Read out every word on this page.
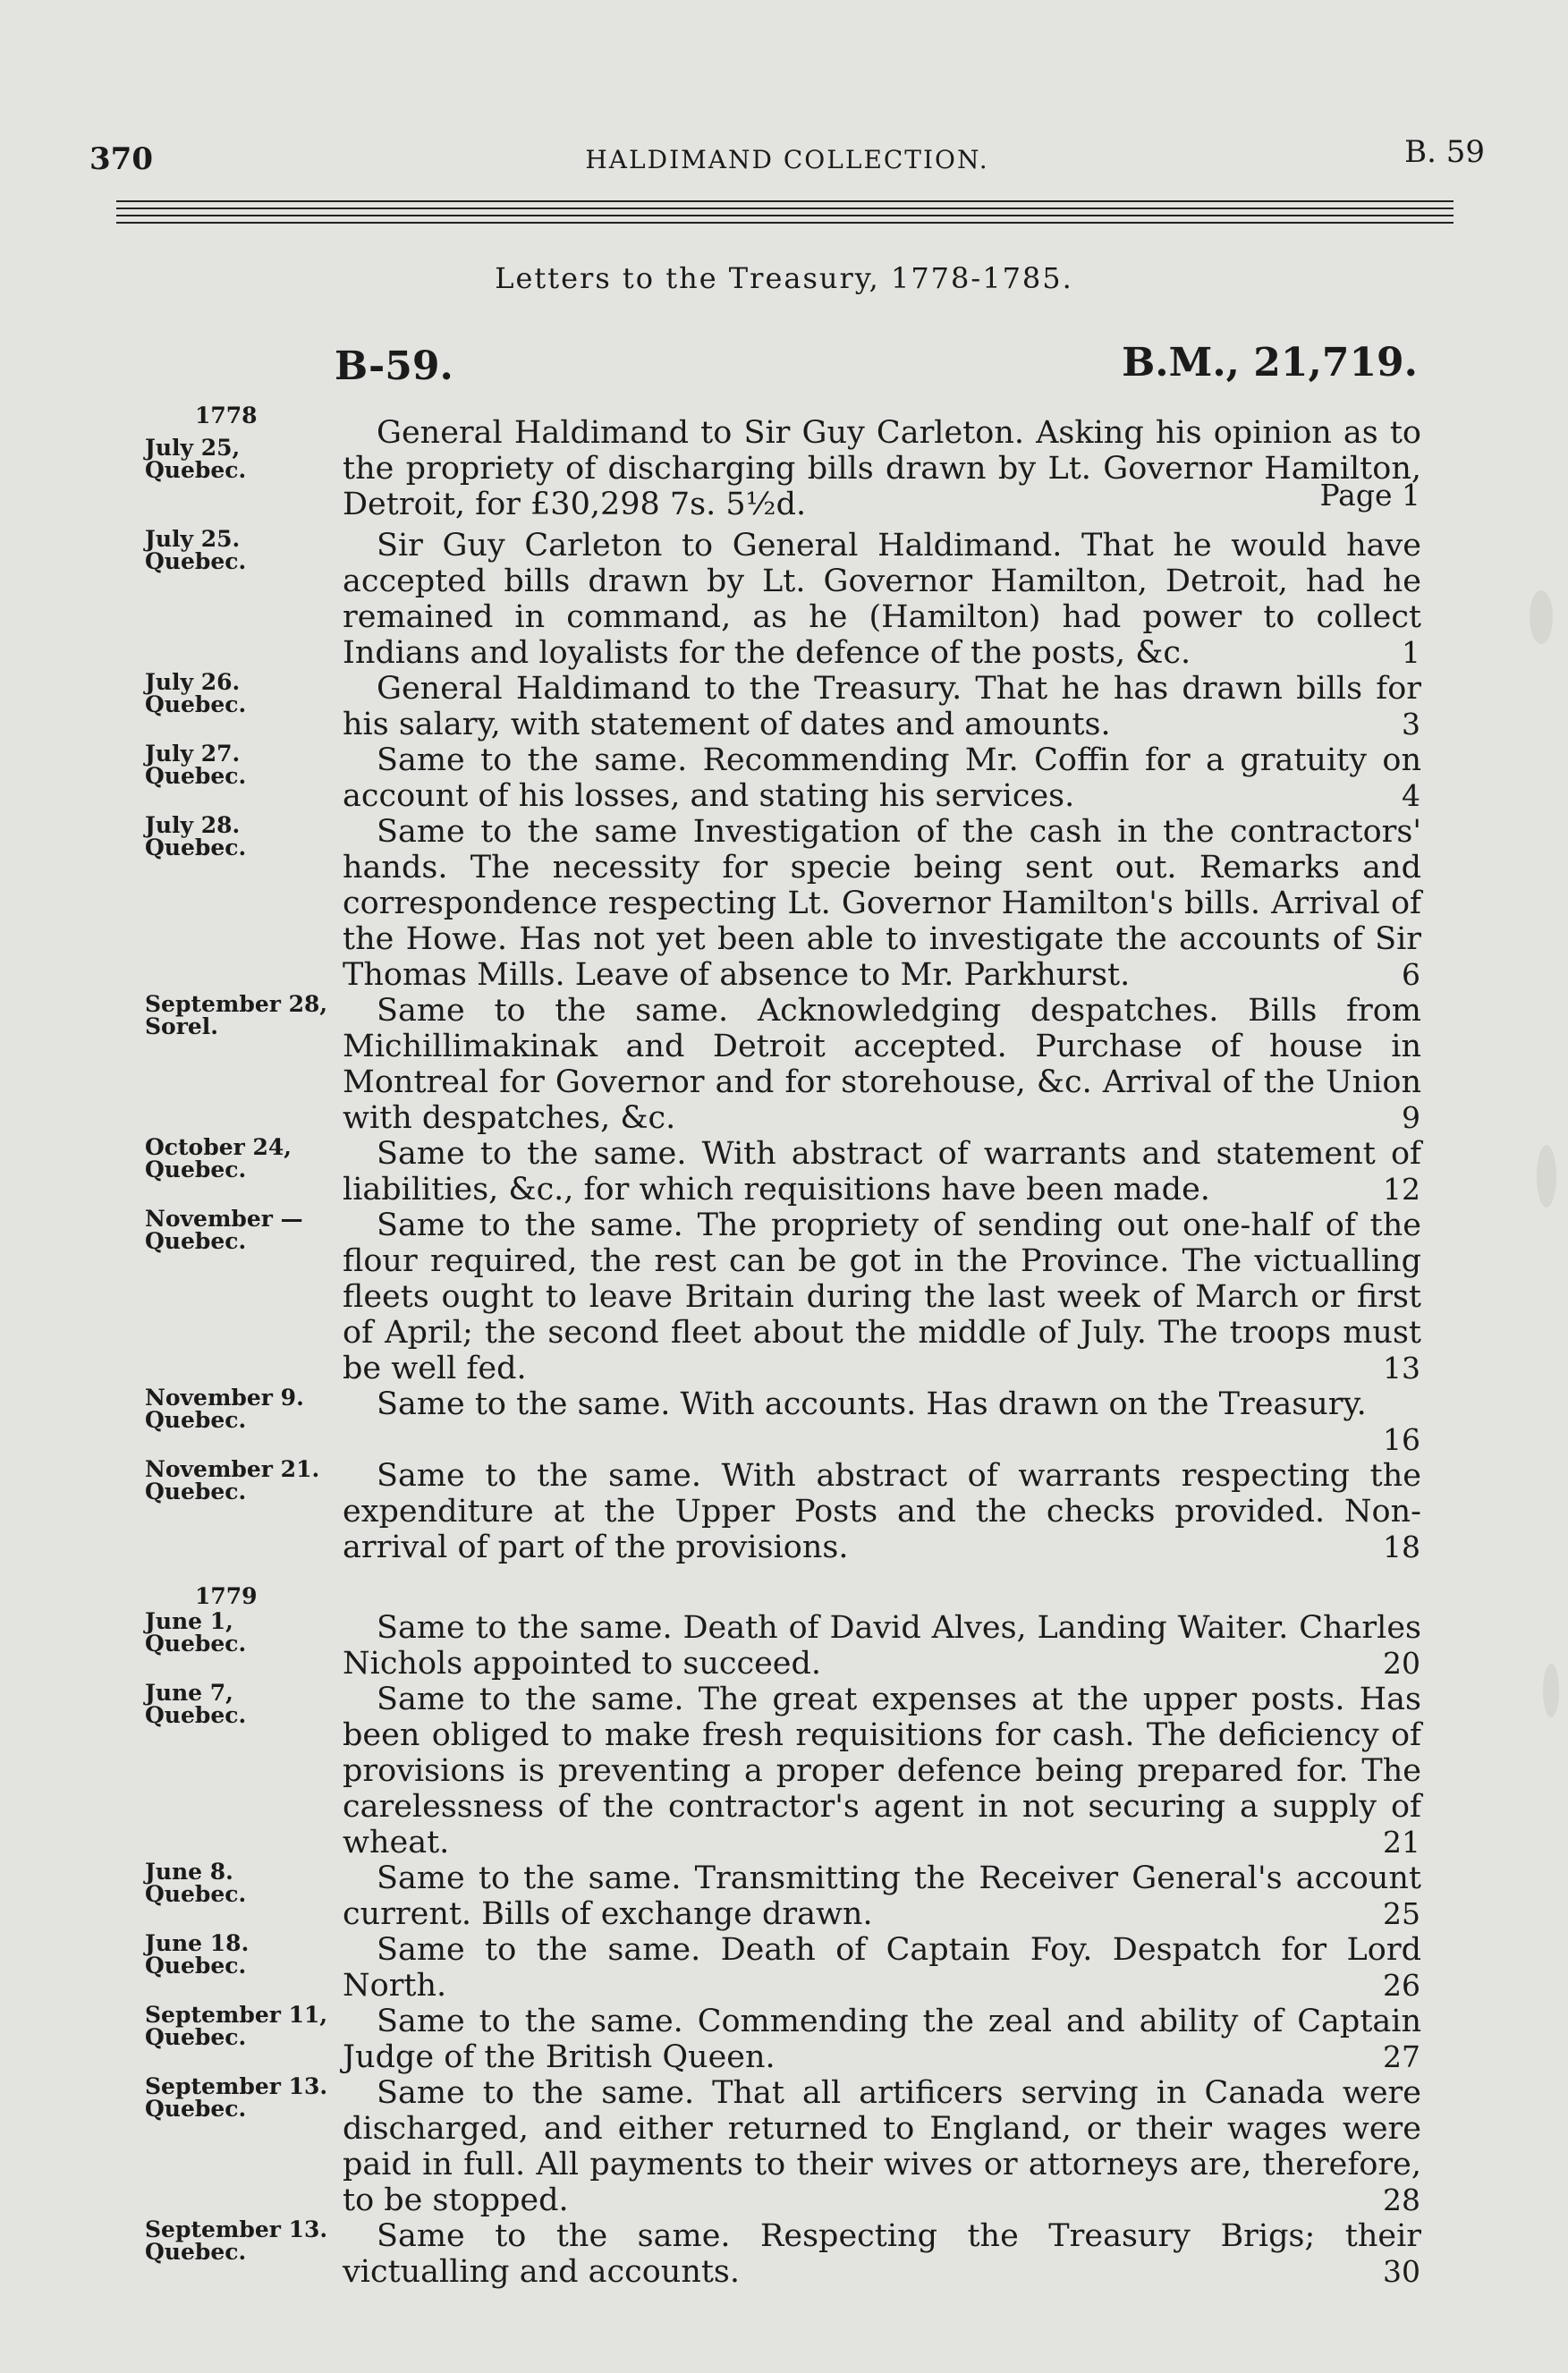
370	HALDIMAND COLLECTION.	B. 59
Letters to the Treasury, 1778-1785.
B-59.	B.M., 21,719.
1778
1779
July 25,
Quebec.
General Haldimand to Sir Guy Carleton. Asking his opinion as to the propriety of discharging bills drawn by Lt. Governor Hamilton, Detroit, for £30,298 7s. 5½d.	Page 1
July 25.
Quebec.	Sir Guy Carleton to General Haldimand. That he would have accepted bills drawn by Lt. Governor Hamilton, Detroit, had he remained in command, as he (Hamilton) had power to collect Indians and loyalists for the defence of the posts, &c.	1
July 26.
Quebec.	General Haldimand to the Treasury. That he has drawn bills for his salary, with statement of dates and amounts.	3
July 27.
Quebec.	Same to the same. Recommending Mr. Coffin for a gratuity on account of his losses, and stating his services.	4
July 28.
Quebec.	Same to the same Investigation of the cash in the contractors' hands. The necessity for specie being sent out. Remarks and correspondence respecting Lt. Governor Hamilton's bills. Arrival of the Howe. Has not yet been able to investigate the accounts of Sir Thomas Mills. Leave of absence to Mr. Parkhurst.	6
September 28,
Sorel.	Same to the same. Acknowledging despatches. Bills from Michillimakinak and Detroit accepted. Purchase of house in Montreal for Governor and for storehouse, &c. Arrival of the Union with despatches, &c.	9
October 24,
Quebec.	Same to the same. With abstract of warrants and statement of liabilities, &c., for which requisitions have been made.	12
November —
Quebec.	Same to the same. The propriety of sending out one-half of the flour required, the rest can be got in the Province. The victualling fleets ought to leave Britain during the last week of March or first of April; the second fleet about the middle of July. The troops must be well fed.	13
November 9.
Quebec.	Same to the same. With accounts. Has drawn on the Treasury.
16
November 21.
Quebec.	Same to the same. With abstract of warrants respecting the expenditure at the Upper Posts and the checks provided. Non-arrival of part of the provisions.	18
June 1,
Quebec.	Same to the same. Death of David Alves, Landing Waiter. Charles Nichols appointed to succeed.	20
June 7,
Quebec.	Same to the same. The great expenses at the upper posts. Has been obliged to make fresh requisitions for cash. The deficiency of provisions is preventing a proper defence being prepared for. The carelessness of the contractor's agent in not securing a supply of wheat.	21
June 8.
Quebec.	Same to the same. Transmitting the Receiver General's account current. Bills of exchange drawn.	25
June 18.
Quebec.	Same to the same. Death of Captain Foy. Despatch for Lord North.	26
September 11,
Quebec.	Same to the same. Commending the zeal and ability of Captain Judge of the British Queen.	27
September 13.
Quebec.	Same to the same. That all artificers serving in Canada were discharged, and either returned to England, or their wages were paid in full. All payments to their wives or attorneys are, therefore, to be stopped.	28
September 13.
Quebec.	Same to the same. Respecting the Treasury Brigs; their victualling and accounts.	30
